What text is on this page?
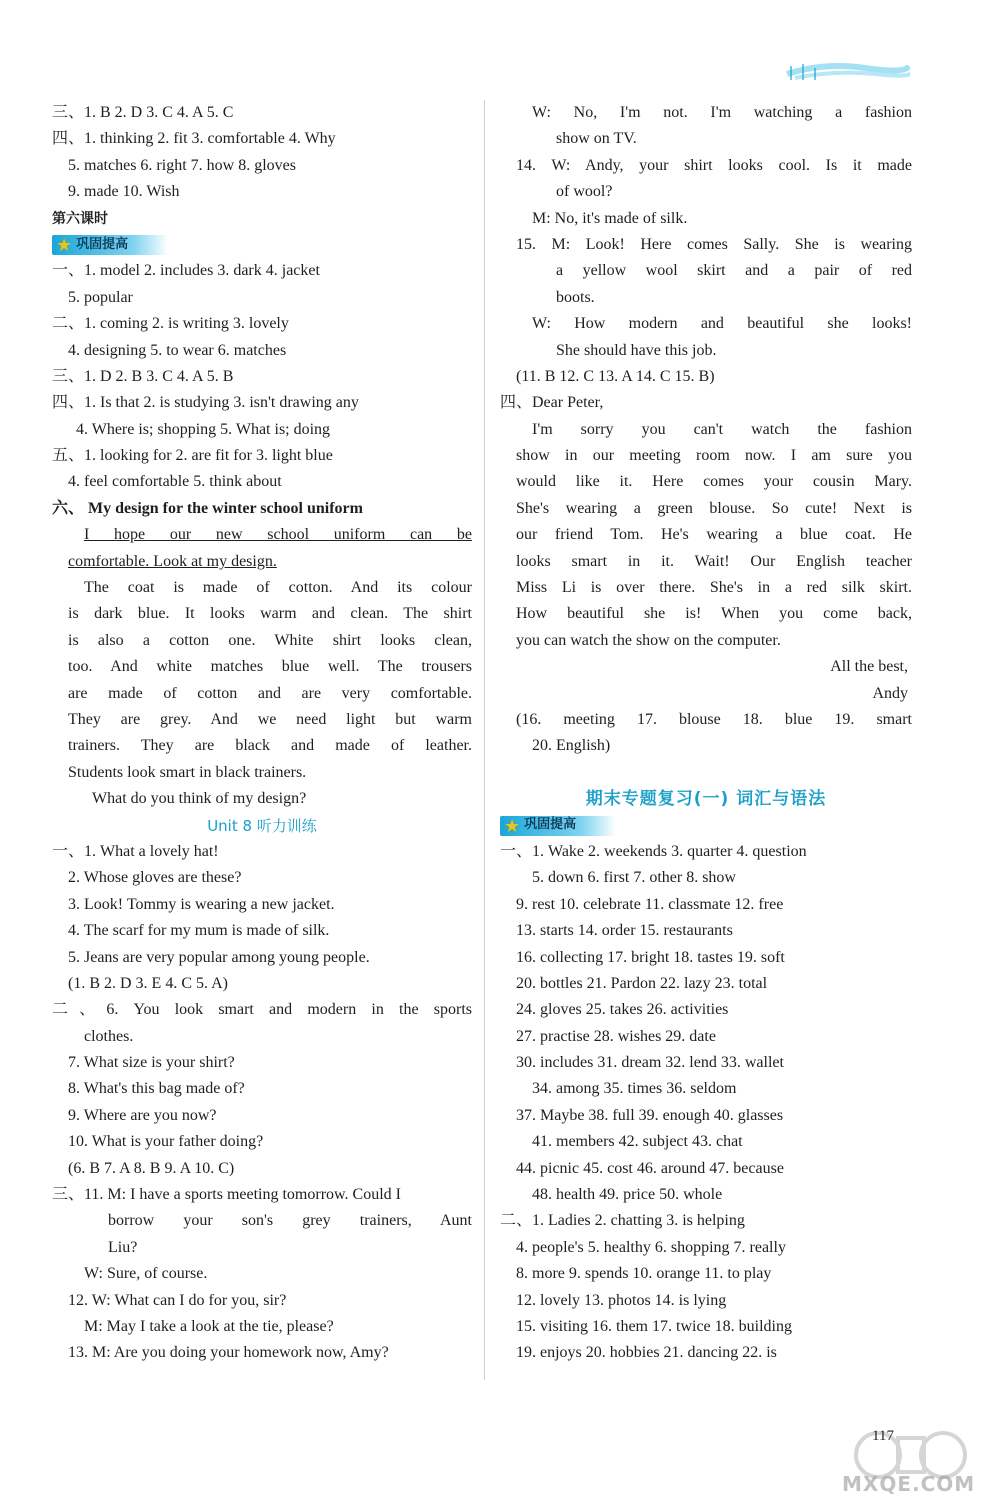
三、1. B 2. D 3. C 4. A 5. C
四、1. thinking 2. fit 3. comfortable 4. Why
5. matches 6. right 7. how 8. gloves
9. made 10. Wish
第六课时
★ 巩固提高
一、1. model 2. includes 3. dark 4. jacket
5. popular
二、1. coming 2. is writing 3. lovely
4. designing 5. to wear 6. matches
三、1. D 2. B 3. C 4. A 5. B
四、1. Is that 2. is studying 3. isn't drawing any
4. Where is; shopping 5. What is; doing
五、1. looking for 2. are fit for 3. light blue
4. feel comfortable 5. think about
六、 My design for the winter school uniform
I hope our new school uniform can be
comfortable. Look at my design.
The coat is made of cotton. And its colour
is dark blue. It looks warm and clean. The shirt
is also a cotton one. White shirt looks clean,
too. And white matches blue well. The trousers
are made of cotton and are very comfortable.
They are grey. And we need light but warm
trainers. They are black and made of leather.
Students look smart in black trainers.
What do you think of my design?
Unit 8 听力训练
一、1. What a lovely hat!
2. Whose gloves are these?
3. Look! Tommy is wearing a new jacket.
4. The scarf for my mum is made of silk.
5. Jeans are very popular among young people.
(1. B 2. D 3. E 4. C 5. A)
二、6. You look smart and modern in the sports
clothes.
7. What size is your shirt?
8. What's this bag made of?
9. Where are you now?
10. What is your father doing?
(6. B 7. A 8. B 9. A 10. C)
三、11. M: I have a sports meeting tomorrow. Could I
borrow your son's grey trainers, Aunt
Liu?
W: Sure, of course.
12. W: What can I do for you, sir?
M: May I take a look at the tie, please?
13. M: Are you doing your homework now, Amy?
W: No, I'm not. I'm watching a fashion
show on TV.
14. W: Andy, your shirt looks cool. Is it made
of wool?
M: No, it's made of silk.
15. M: Look! Here comes Sally. She is wearing
a yellow wool skirt and a pair of red
boots.
W: How modern and beautiful she looks!
She should have this job.
(11. B 12. C 13. A 14. C 15. B)
四、Dear Peter,
I'm sorry you can't watch the fashion
show in our meeting room now. I am sure you
would like it. Here comes your cousin Mary.
She's wearing a green blouse. So cute! Next is
our friend Tom. He's wearing a blue coat. He
looks smart in it. Wait! Our English teacher
Miss Li is over there. She's in a red silk skirt.
How beautiful she is! When you come back,
you can watch the show on the computer.
All the best,
Andy
(16. meeting 17. blouse 18. blue 19. smart
20. English)
期末专题复习(一) 词汇与语法
★ 巩固提高
一、1. Wake 2. weekends 3. quarter 4. question
5. down 6. first 7. other 8. show
9. rest 10. celebrate 11. classmate 12. free
13. starts 14. order 15. restaurants
16. collecting 17. bright 18. tastes 19. soft
20. bottles 21. Pardon 22. lazy 23. total
24. gloves 25. takes 26. activities
27. practise 28. wishes 29. date
30. includes 31. dream 32. lend 33. wallet
34. among 35. times 36. seldom
37. Maybe 38. full 39. enough 40. glasses
41. members 42. subject 43. chat
44. picnic 45. cost 46. around 47. because
48. health 49. price 50. whole
二、1. Ladies 2. chatting 3. is helping
4. people's 5. healthy 6. shopping 7. really
8. more 9. spends 10. orange 11. to play
12. lovely 13. photos 14. is lying
15. visiting 16. them 17. twice 18. building
19. enjoys 20. hobbies 21. dancing 22. is
MXQE.COM
117
